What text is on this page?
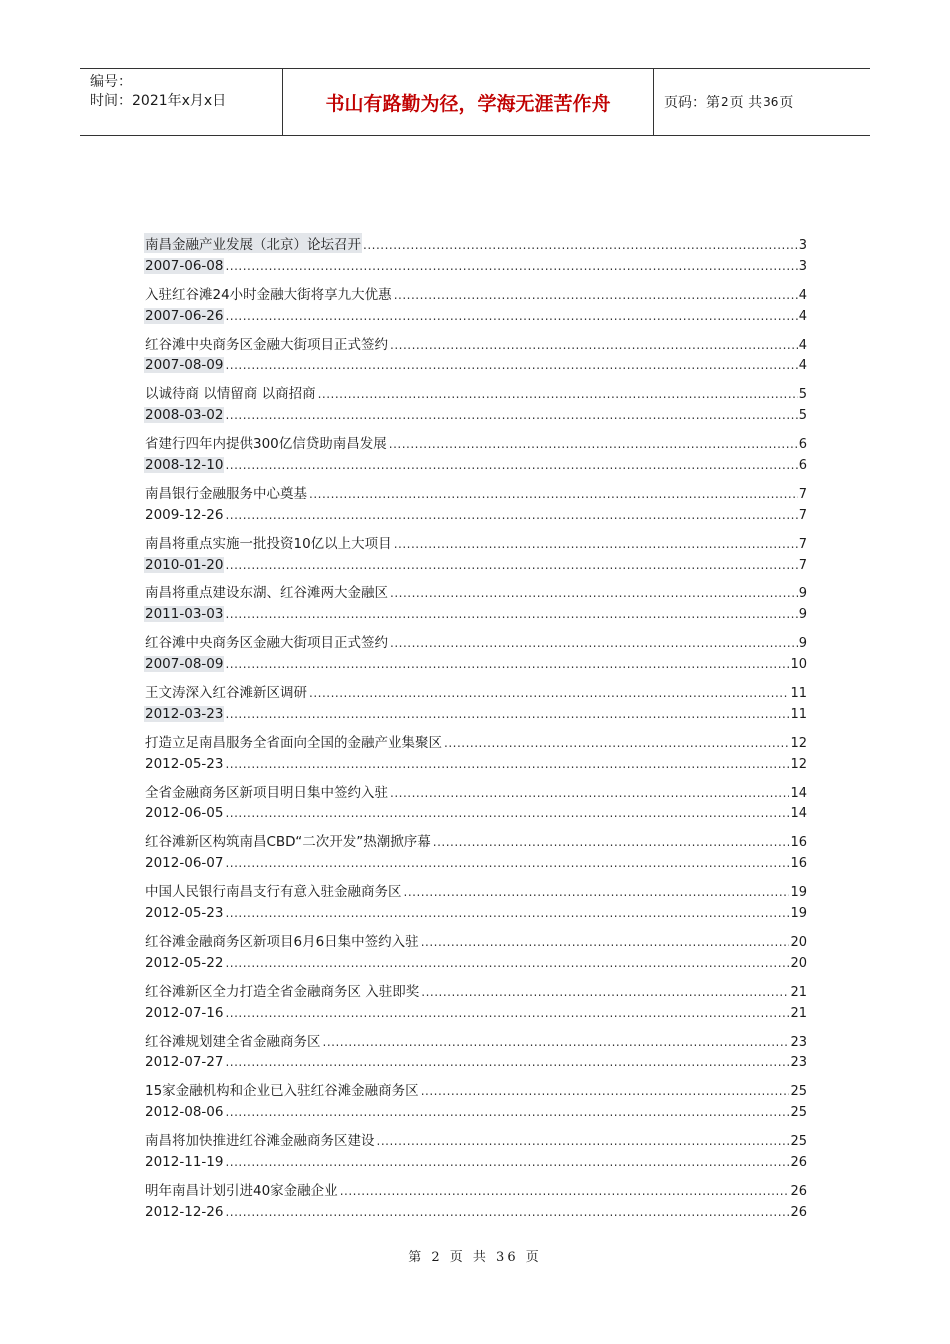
编号：
时间：2021年x月x日	书山有路勤为径，学海无涯苦作舟	页码：第 2 页 共 36 页
南昌金融产业发展（北京）论坛召开 .....	3
2007-06-08 .....	3
入驻红谷滩24小时金融大街将享九大优惠 .....	4
2007-06-26 .....	4
红谷滩中央商务区金融大街项目正式签约 .....	4
2007-08-09 .....	4
以诚待商 以情留商 以商招商 .....	5
2008-03-02 .....	5
省建行四年内提供300亿信贷助南昌发展 .....	6
2008-12-10 .....	6
南昌银行金融服务中心奠基 .....	7
2009-12-26 .....	7
南昌将重点实施一批投资10亿以上大项目 .....	7
2010-01-20 .....	7
南昌将重点建设东湖、红谷滩两大金融区 .....	9
2011-03-03 .....	9
红谷滩中央商务区金融大街项目正式签约 .....	9
2007-08-09 .....	10
王文涛深入红谷滩新区调研 .....	11
2012-03-23 .....	11
打造立足南昌服务全省面向全国的金融产业集聚区 .....	12
2012-05-23 .....	12
全省金融商务区新项目明日集中签约入驻 .....	14
2012-06-05 .....	14
红谷滩新区构筑南昌CBD“二次开发”热潮掀序幕 .....	16
2012-06-07 .....	16
中国人民银行南昌支行有意入驻金融商务区 .....	19
2012-05-23 .....	19
红谷滩金融商务区新项目6月6日集中签约入驻 .....	20
2012-05-22 .....	20
红谷滩新区全力打造全省金融商务区 入驻即奖 .....	21
2012-07-16 .....	21
红谷滩规划建全省金融商务区 .....	23
2012-07-27 .....	23
15家金融机构和企业已入驻红谷滩金融商务区 .....	25
2012-08-06 .....	25
南昌将加快推进红谷滩金融商务区建设 .....	25
2012-11-19 .....	26
明年南昌计划引进40家金融企业 .....	26
2012-12-26 .....	26
第 2 页 共 36 页
